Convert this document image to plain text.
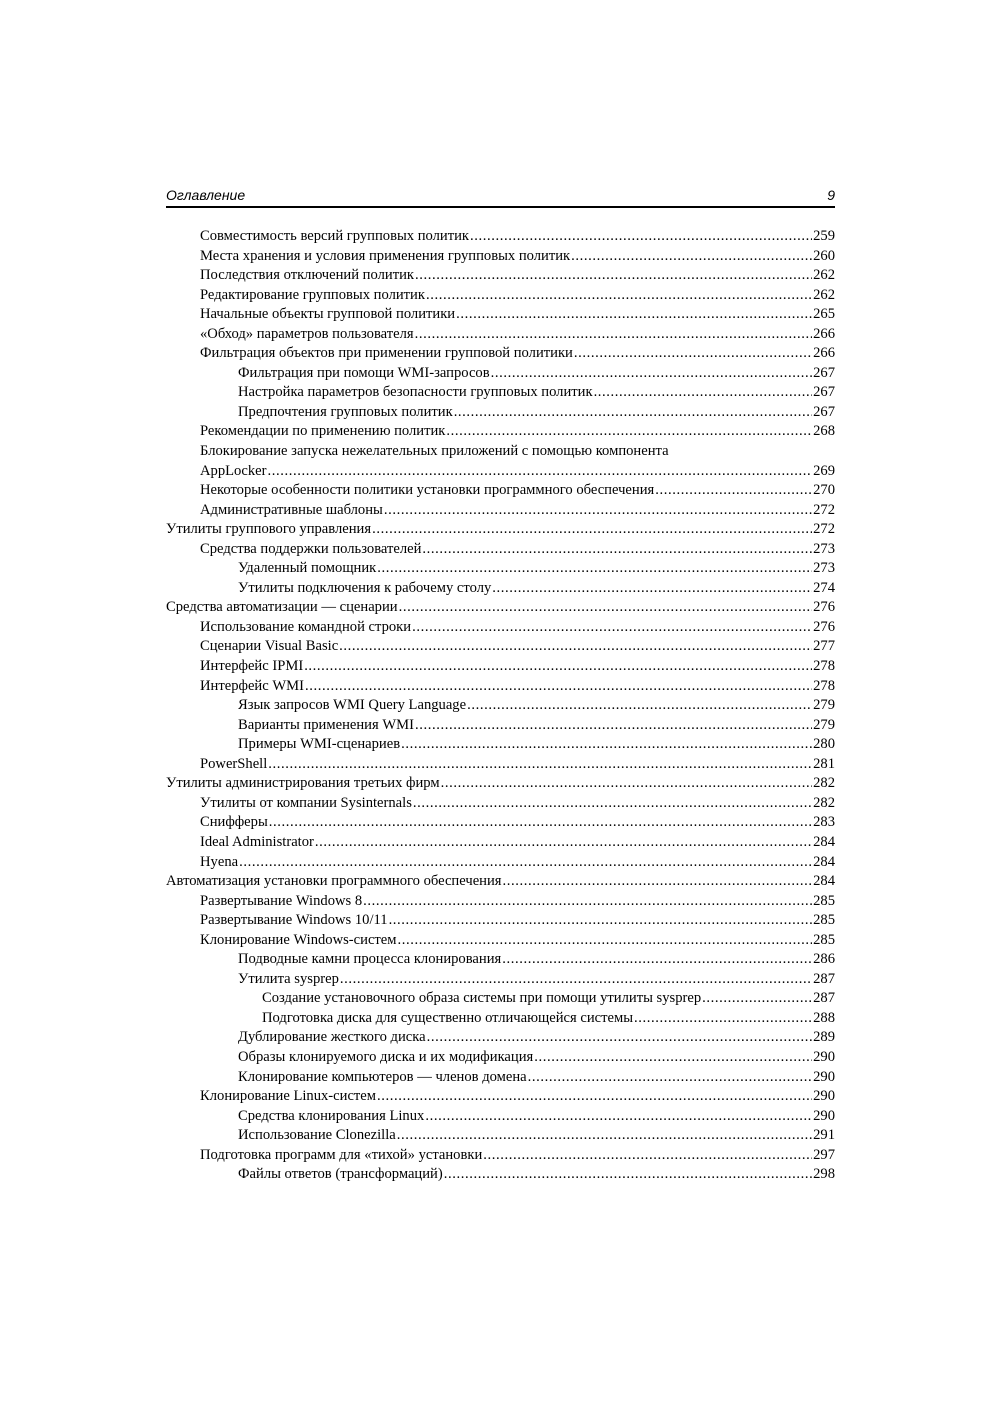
Оглавление	9
Совместимость версий групповых политик .....	259
Места хранения и условия применения групповых политик .....	260
Последствия отключений политик .....	262
Редактирование групповых политик .....	262
Начальные объекты групповой политики .....	265
«Обход» параметров пользователя .....	266
Фильтрация объектов при применении групповой политики .....	266
Фильтрация при помощи WMI-запросов .....	267
Настройка параметров безопасности групповых политик .....	267
Предпочтения групповых политик .....	267
Рекомендации по применению политик .....	268
Блокирование запуска нежелательных приложений с помощью компонента
AppLocker .....	269
Некоторые особенности политики установки программного обеспечения .....	270
Административные шаблоны .....	272
Утилиты группового управления .....	272
Средства поддержки пользователей .....	273
Удаленный помощник .....	273
Утилиты подключения к рабочему столу .....	274
Средства автоматизации — сценарии .....	276
Использование командной строки .....	276
Сценарии Visual Basic .....	277
Интерфейс IPMI .....	278
Интерфейс WMI .....	278
Язык запросов WMI Query Language .....	279
Варианты применения WMI .....	279
Примеры WMI-сценариев .....	280
PowerShell .....	281
Утилиты администрирования третьих фирм .....	282
Утилиты от компании Sysinternals .....	282
Снифферы .....	283
Ideal Administrator .....	284
Hyena .....	284
Автоматизация установки программного обеспечения .....	284
Развертывание Windows 8 .....	285
Развертывание Windows 10/11 .....	285
Клонирование Windows-систем .....	285
Подводные камни процесса клонирования .....	286
Утилита sysprep .....	287
Создание установочного образа системы при помощи утилиты sysprep .....	287
Подготовка диска для существенно отличающейся системы .....	288
Дублирование жесткого диска .....	289
Образы клонируемого диска и их модификация .....	290
Клонирование компьютеров — членов домена .....	290
Клонирование Linux-систем .....	290
Средства клонирования Linux .....	290
Использование Clonezilla .....	291
Подготовка программ для «тихой» установки .....	297
Файлы ответов (трансформаций) .....	298
